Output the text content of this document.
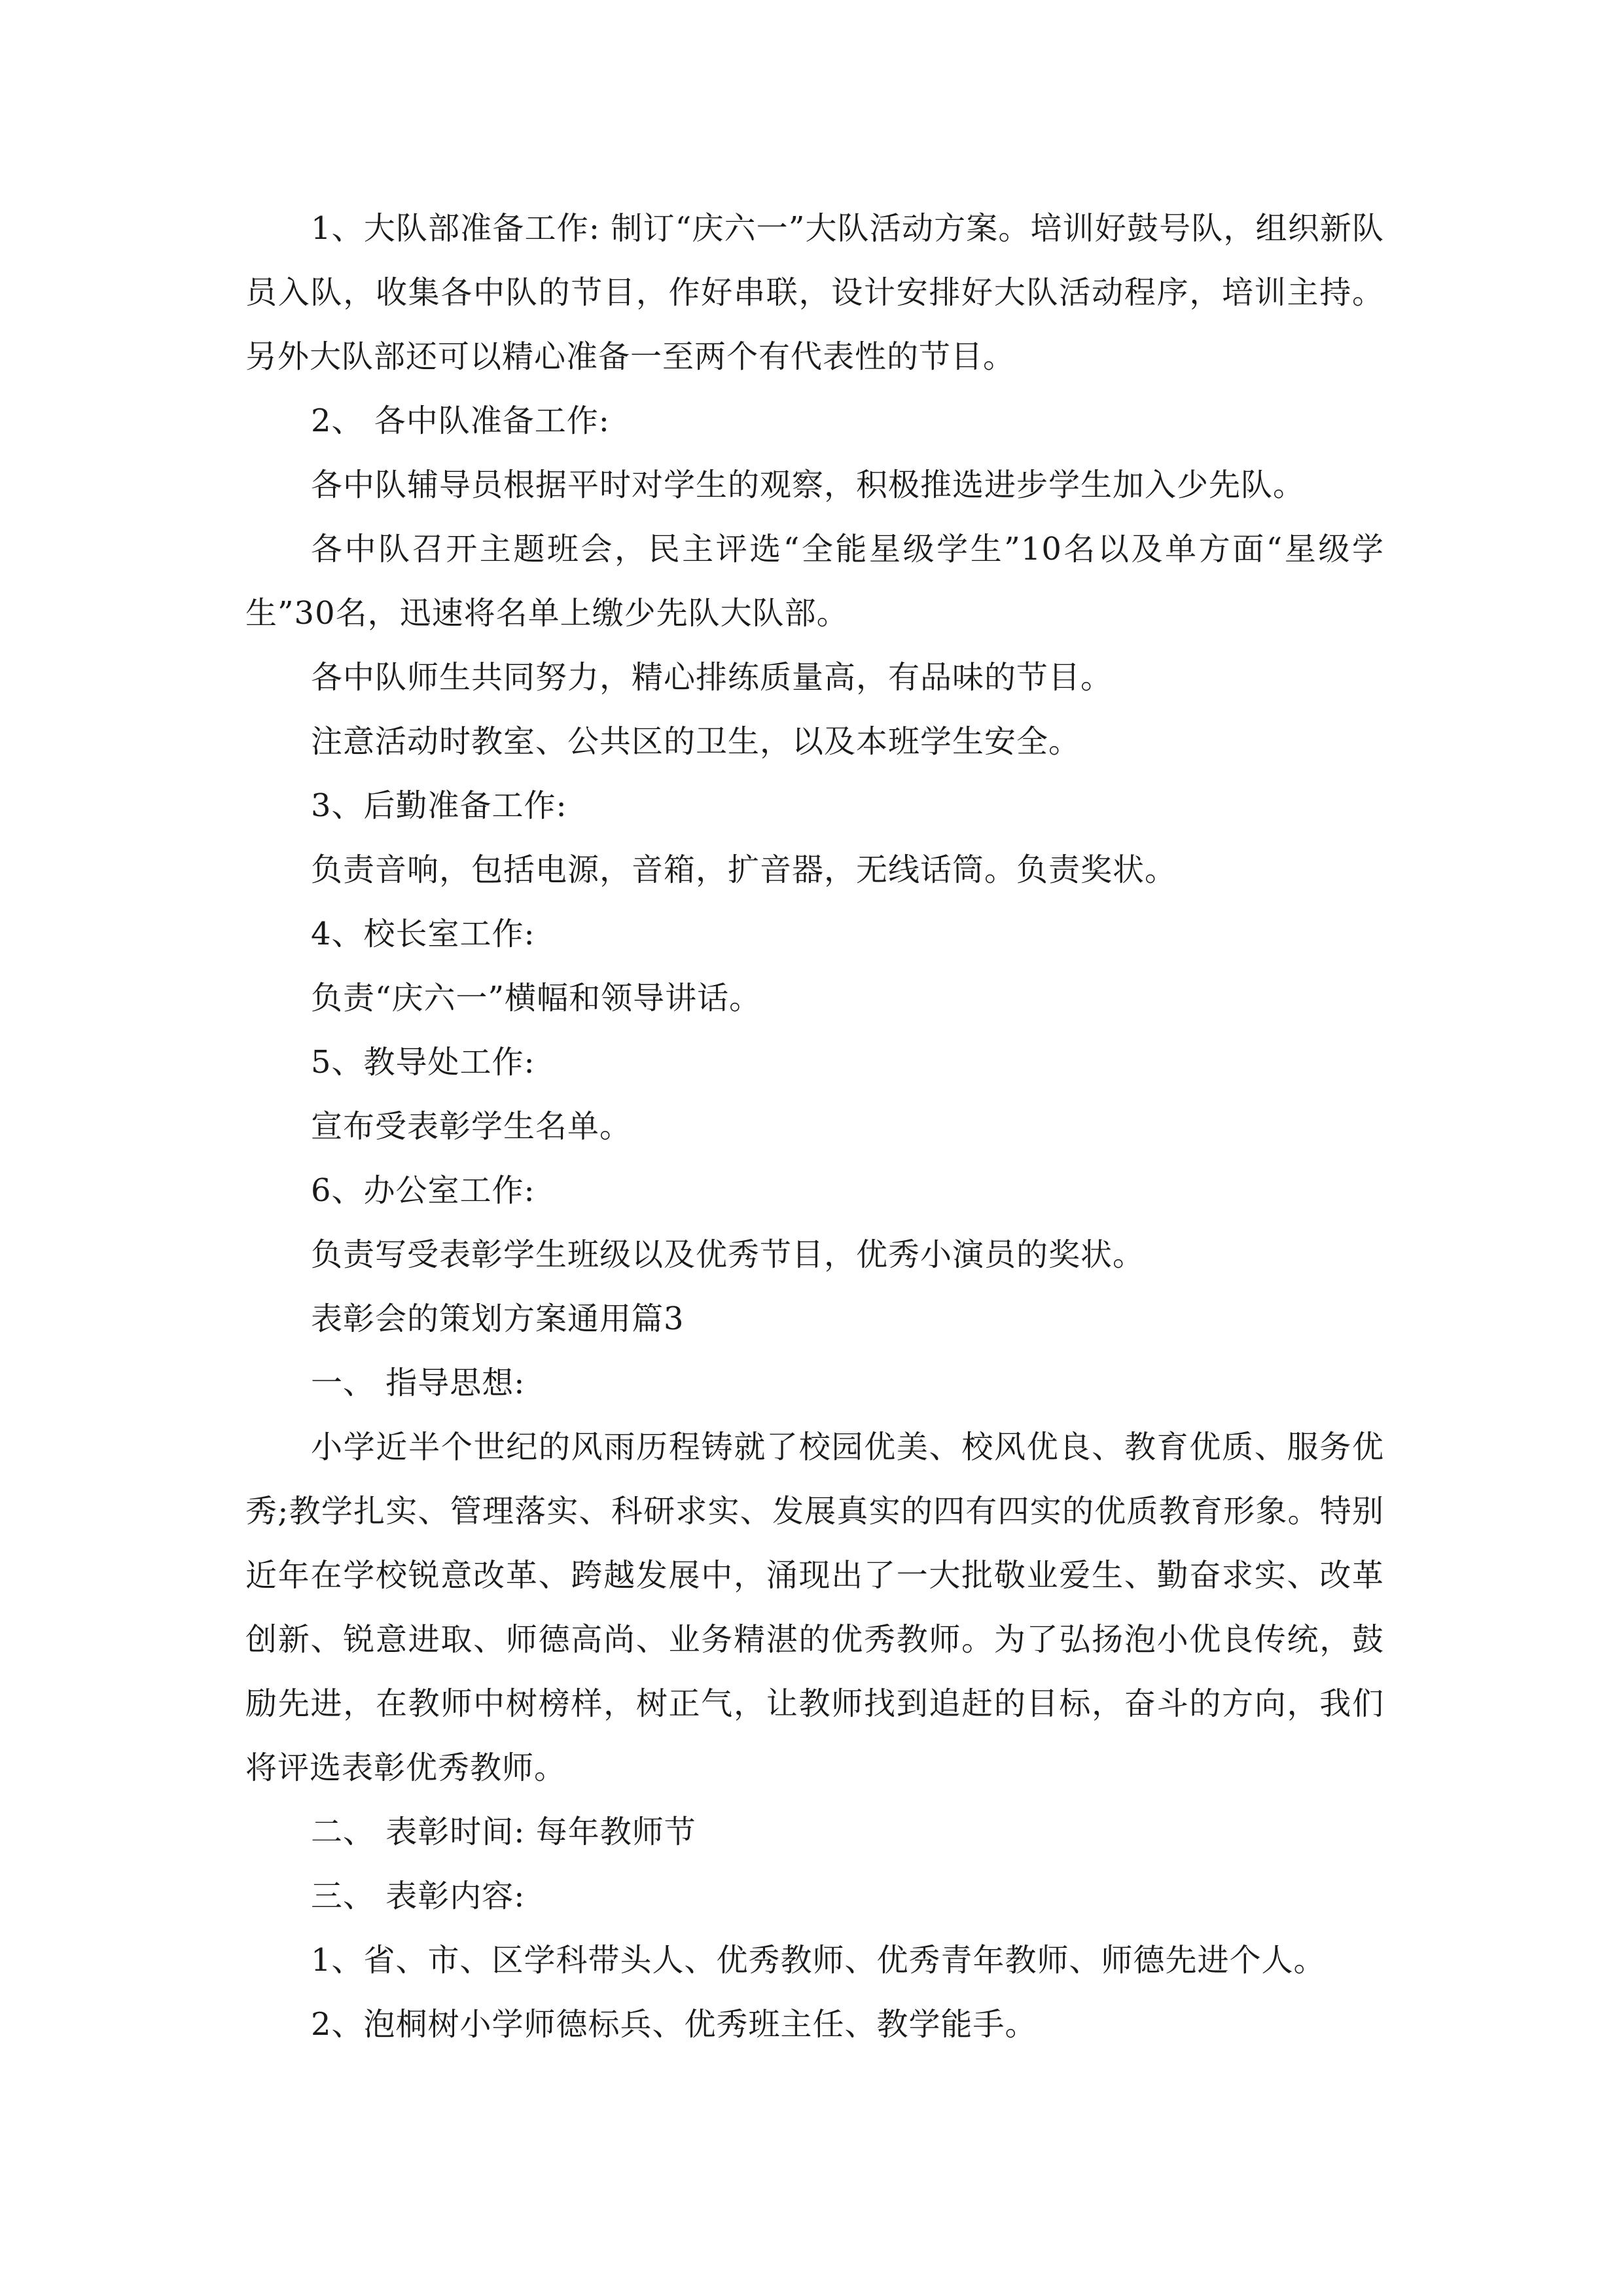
1、大队部准备工作: 制订“庆六一”大队活动方案。培训好鼓号队，组织新队员入队，收集各中队的节目，作好串联，设计安排好大队活动程序，培训主持。另外大队部还可以精心准备一至两个有代表性的节目。

2、 各中队准备工作:

各中队辅导员根据平时对学生的观察，积极推选进步学生加入少先队。

各中队召开主题班会，民主评选“全能星级学生”10名以及单方面“星级学生”30名，迅速将名单上缴少先队大队部。

各中队师生共同努力，精心排练质量高，有品味的节目。

注意活动时教室、公共区的卫生，以及本班学生安全。

3、后勤准备工作:

负责音响，包括电源，音箱，扩音器，无线话筒。负责奖状。

4、校长室工作:

负责“庆六一”横幅和领导讲话。

5、教导处工作:

宣布受表彰学生名单。

6、办公室工作:

负责写受表彰学生班级以及优秀节目，优秀小演员的奖状。

表彰会的策划方案通用篇3

一、 指导思想:

小学近半个世纪的风雨历程铸就了校园优美、校风优良、教育优质、服务优秀;教学扎实、管理落实、科研求实、发展真实的四有四实的优质教育形象。特别近年在学校锐意改革、跨越发展中，涌现出了一大批敬业爱生、勤奋求实、改革创新、锐意进取、师德高尚、业务精湛的优秀教师。为了弘扬泡小优良传统，鼓励先进，在教师中树榜样，树正气，让教师找到追赶的目标，奋斗的方向，我们将评选表彰优秀教师。

二、 表彰时间: 每年教师节

三、 表彰内容:

1、省、市、区学科带头人、优秀教师、优秀青年教师、师德先进个人。

2、泡桐树小学师德标兵、优秀班主任、教学能手。
